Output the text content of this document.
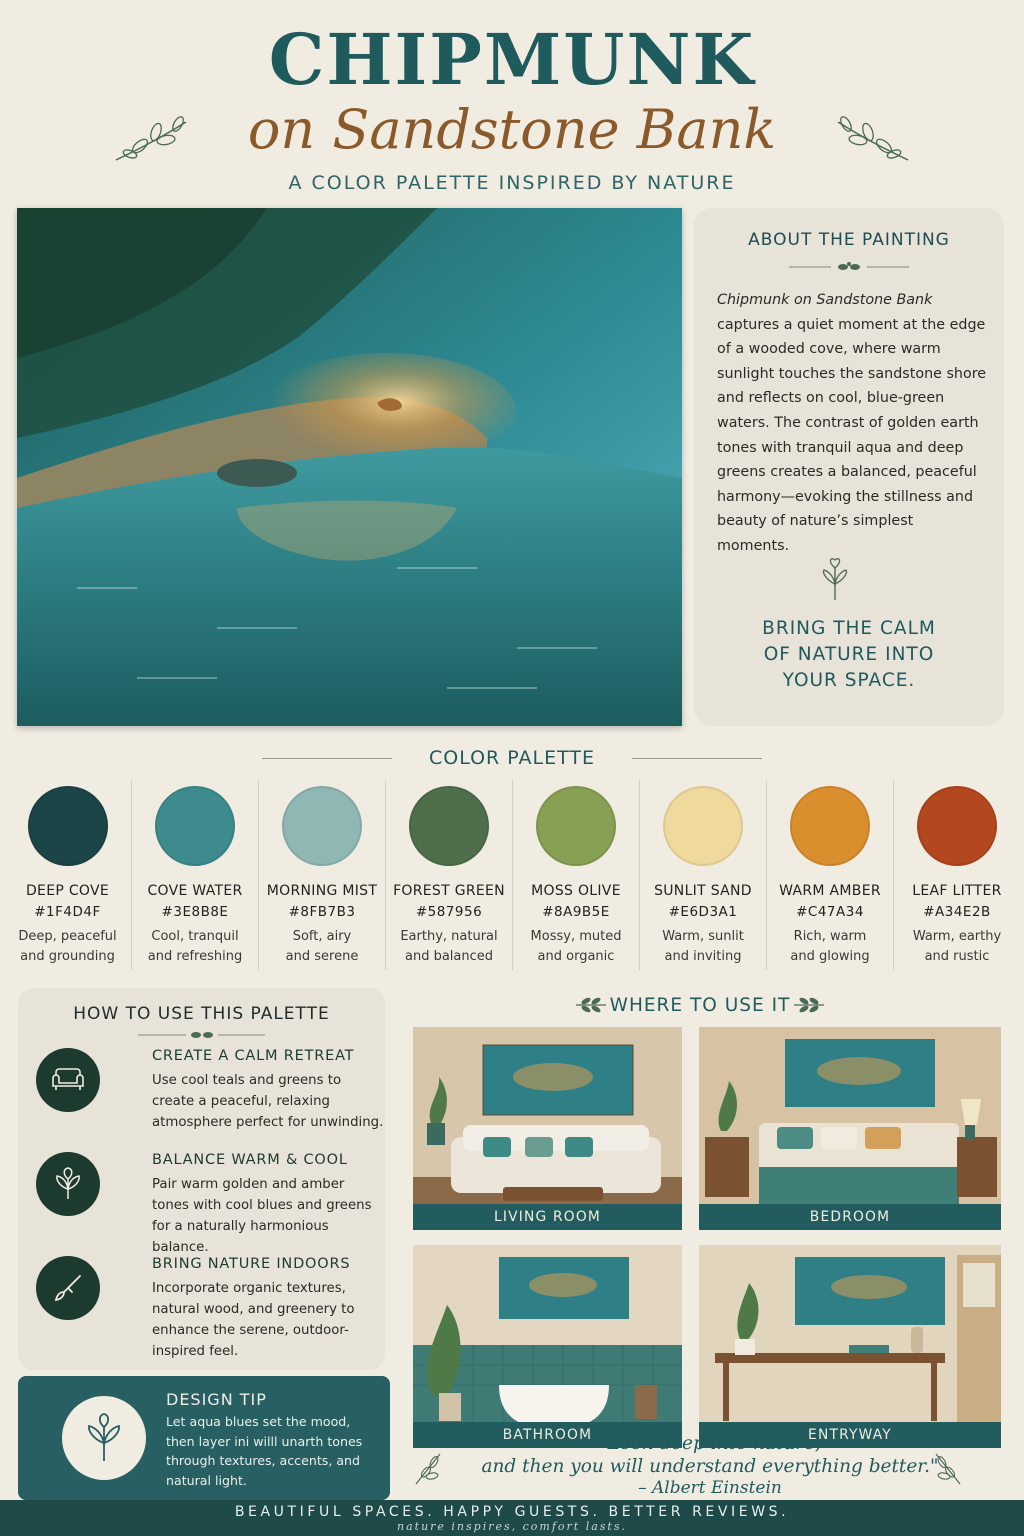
CHIPMUNK
on Sandstone Bank
A COLOR PALETTE INSPIRED BY NATURE
ABOUT THE PAINTING
Chipmunk on Sandstone Bank captures a quiet moment at the edge of a wooded cove, where warm sunlight touches the sandstone shore and reflects on cool, blue-green waters. The contrast of golden earth tones with tranquil aqua and deep greens creates a balanced, peaceful harmony—evoking the stillness and beauty of nature’s simplest moments.
BRING THE CALM
OF NATURE INTO
YOUR SPACE.
COLOR PALETTE
DEEP COVE
#1F4D4F
Deep, peaceful
and grounding
COVE WATER
#3E8B8E
Cool, tranquil
and refreshing
MORNING MIST
#8FB7B3
Soft, airy
and serene
FOREST GREEN
#587956
Earthy, natural
and balanced
MOSS OLIVE
#8A9B5E
Mossy, muted
and organic
SUNLIT SAND
#E6D3A1
Warm, sunlit
and inviting
WARM AMBER
#C47A34
Rich, warm
and glowing
LEAF LITTER
#A34E2B
Warm, earthy
and rustic
HOW TO USE THIS PALETTE
CREATE A CALM RETREAT
Use cool teals and greens to create a peaceful, relaxing atmosphere perfect for unwinding.
BALANCE WARM & COOL
Pair warm golden and amber tones with cool blues and greens for a naturally harmonious balance.
BRING NATURE INDOORS
Incorporate organic textures, natural wood, and greenery to enhance the serene, outdoor-inspired feel.
DESIGN TIP
Let aqua blues set the mood, then layer ini willl unarth tones through textures, accents, and natural light.
WHERE TO USE IT
LIVING ROOM	BEDROOM
BATHROOM	ENTRYWAY
"Look deep into nature,
and then you will understand everything better."
– Albert Einstein
BEAUTIFUL SPACES. HAPPY GUESTS. BETTER REVIEWS.
nature inspires, comfort lasts.
